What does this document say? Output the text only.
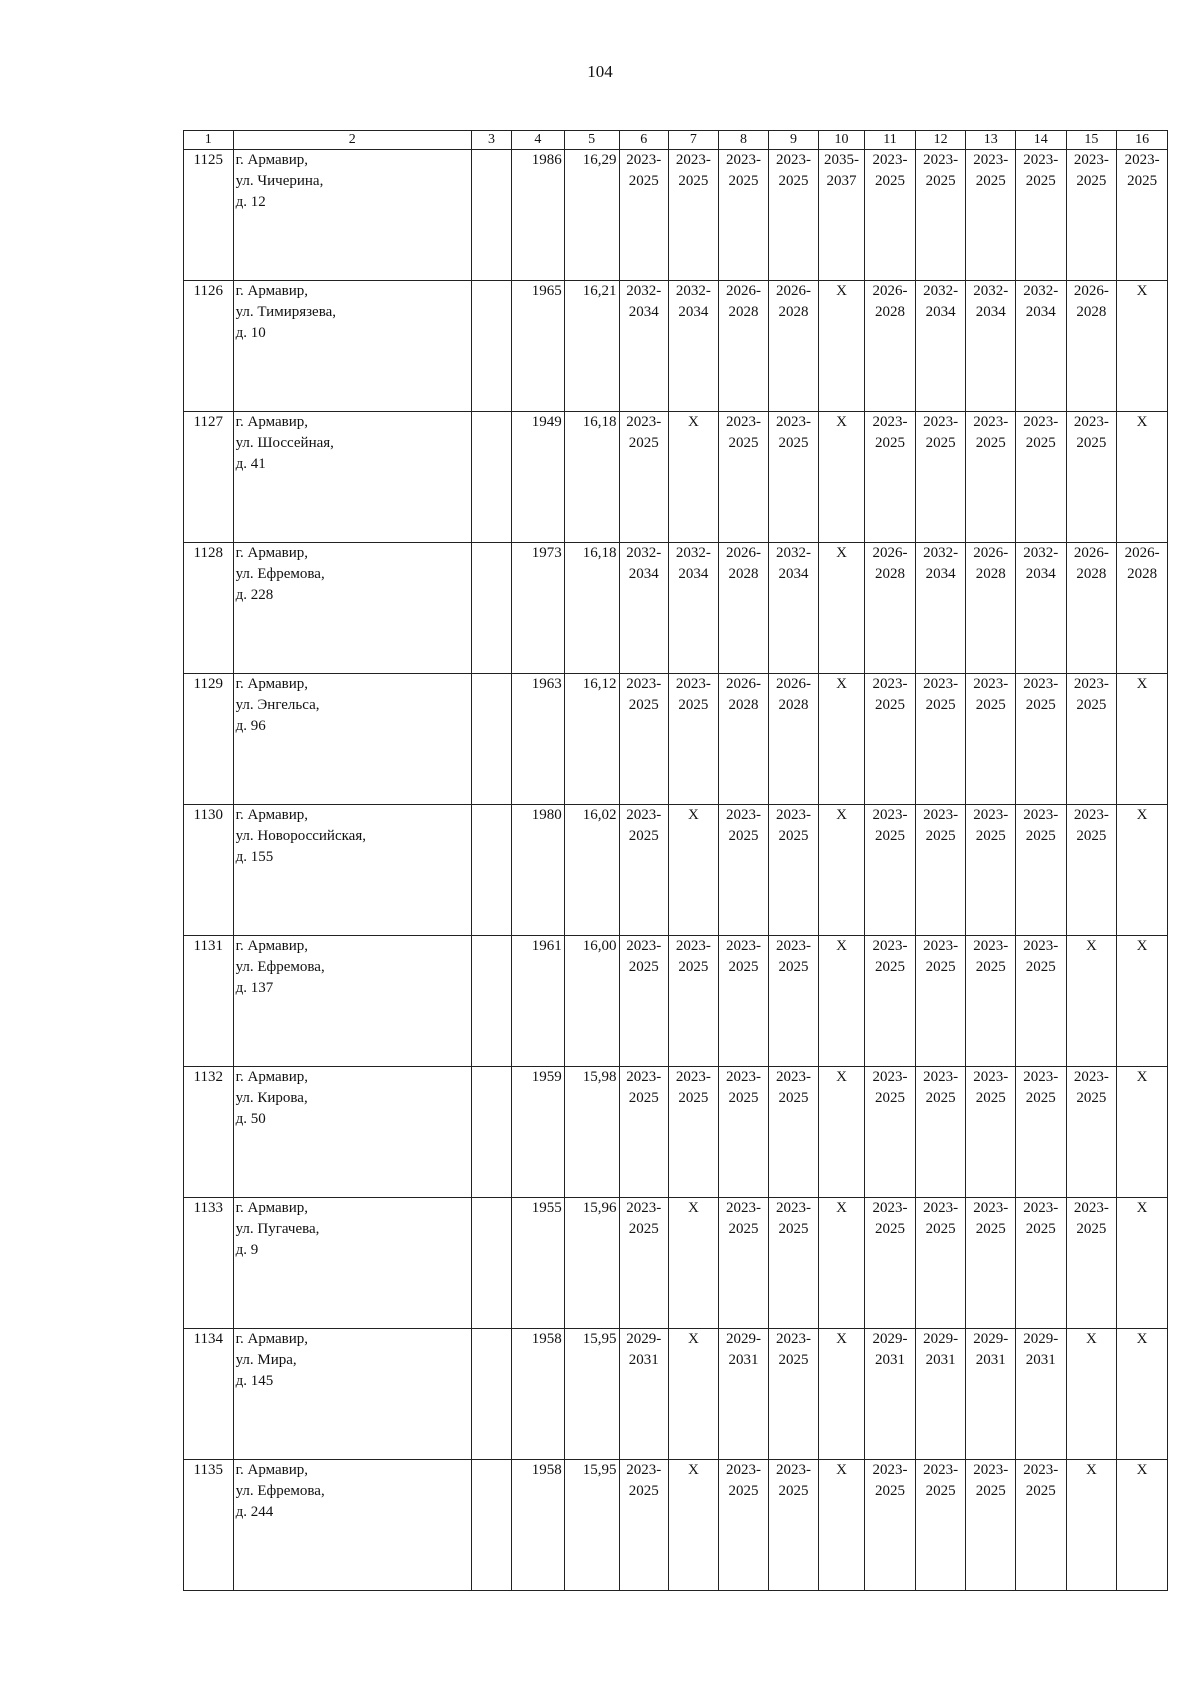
104
1	2	3	4	5	6	7	8	9	10	11	12	13	14	15	16
1125	г. Армавир,
ул. Чичерина,
д. 12		1986	16,29	2023-
2025	2023-
2025	2023-
2025	2023-
2025	2035-
2037	2023-
2025	2023-
2025	2023-
2025	2023-
2025	2023-
2025	2023-
2025

1126	г. Армавир,
ул. Тимирязева,
д. 10		1965	16,21	2032-
2034	2032-
2034	2026-
2028	2026-
2028	X	2026-
2028	2032-
2034	2032-
2034	2032-
2034	2026-
2028	X

1127	г. Армавир,
ул. Шоссейная,
д. 41		1949	16,18	2023-
2025	X	2023-
2025	2023-
2025	X	2023-
2025	2023-
2025	2023-
2025	2023-
2025	2023-
2025	X

1128	г. Армавир,
ул. Ефремова,
д. 228		1973	16,18	2032-
2034	2032-
2034	2026-
2028	2032-
2034	X	2026-
2028	2032-
2034	2026-
2028	2032-
2034	2026-
2028	2026-
2028

1129	г. Армавир,
ул. Энгельса,
д. 96		1963	16,12	2023-
2025	2023-
2025	2026-
2028	2026-
2028	X	2023-
2025	2023-
2025	2023-
2025	2023-
2025	2023-
2025	X

1130	г. Армавир,
ул. Новороссийская,
д. 155		1980	16,02	2023-
2025	X	2023-
2025	2023-
2025	X	2023-
2025	2023-
2025	2023-
2025	2023-
2025	2023-
2025	X

1131	г. Армавир,
ул. Ефремова,
д. 137		1961	16,00	2023-
2025	2023-
2025	2023-
2025	2023-
2025	X	2023-
2025	2023-
2025	2023-
2025	2023-
2025	X	X

1132	г. Армавир,
ул. Кирова,
д. 50		1959	15,98	2023-
2025	2023-
2025	2023-
2025	2023-
2025	X	2023-
2025	2023-
2025	2023-
2025	2023-
2025	2023-
2025	X

1133	г. Армавир,
ул. Пугачева,
д. 9		1955	15,96	2023-
2025	X	2023-
2025	2023-
2025	X	2023-
2025	2023-
2025	2023-
2025	2023-
2025	2023-
2025	X

1134	г. Армавир,
ул. Мира,
д. 145		1958	15,95	2029-
2031	X	2029-
2031	2023-
2025	X	2029-
2031	2029-
2031	2029-
2031	2029-
2031	X	X

1135	г. Армавир,
ул. Ефремова,
д. 244		1958	15,95	2023-
2025	X	2023-
2025	2023-
2025	X	2023-
2025	2023-
2025	2023-
2025	2023-
2025	X	X
